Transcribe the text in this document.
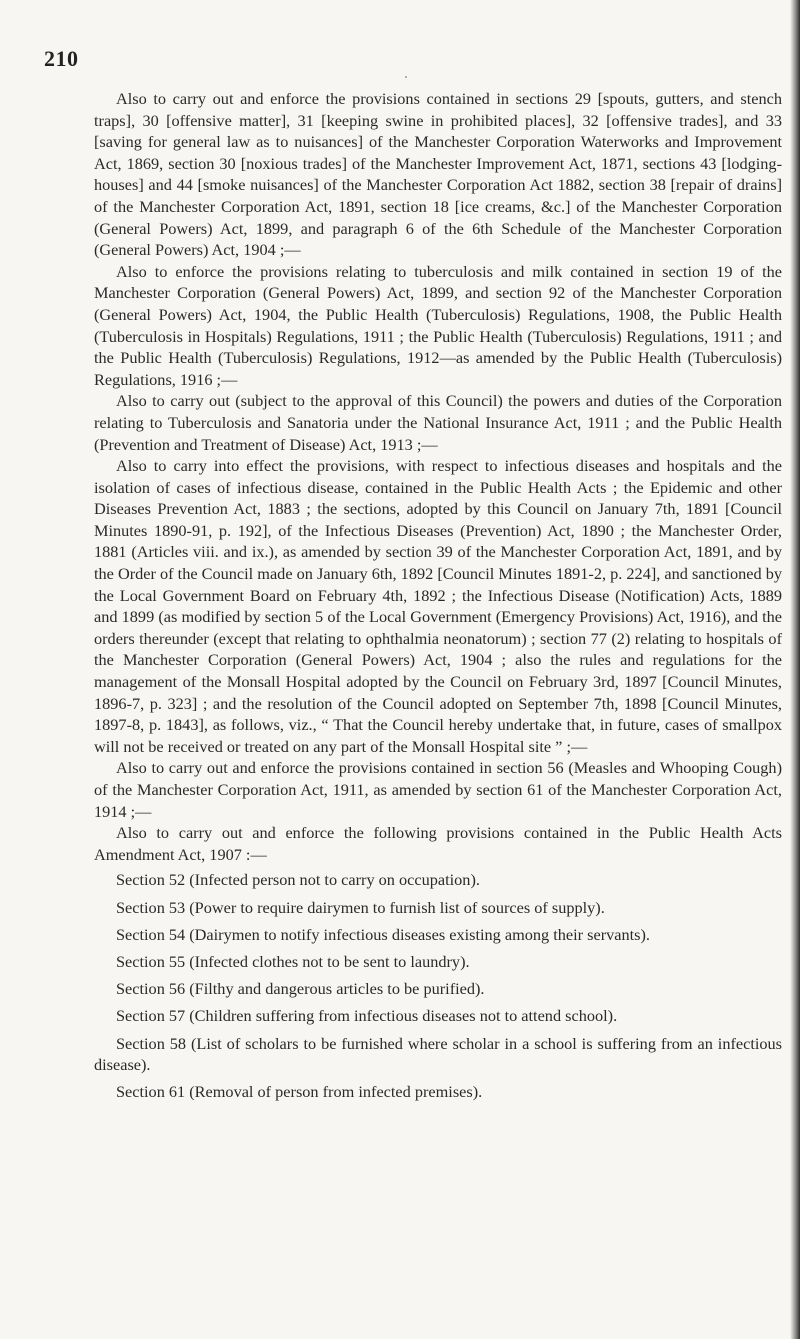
210

Also to carry out and enforce the provisions contained in sections 29 [spouts, gutters, and stench traps], 30 [offensive matter], 31 [keeping swine in prohibited places], 32 [offensive trades], and 33 [saving for general law as to nuisances] of the Manchester Corporation Waterworks and Improvement Act, 1869, section 30 [noxious trades] of the Manchester Improvement Act, 1871, sections 43 [lodging-houses] and 44 [smoke nuisances] of the Manchester Corporation Act 1882, section 38 [repair of drains] of the Manchester Corporation Act, 1891, section 18 [ice creams, &c.] of the Manchester Corporation (General Powers) Act, 1899, and paragraph 6 of the 6th Schedule of the Manchester Corporation (General Powers) Act, 1904 ;—

Also to enforce the provisions relating to tuberculosis and milk contained in section 19 of the Manchester Corporation (General Powers) Act, 1899, and section 92 of the Manchester Corporation (General Powers) Act, 1904, the Public Health (Tuberculosis) Regulations, 1908, the Public Health (Tuberculosis in Hospitals) Regulations, 1911 ; the Public Health (Tuberculosis) Regulations, 1911 ; and the Public Health (Tuberculosis) Regulations, 1912—as amended by the Public Health (Tuberculosis) Regulations, 1916 ;—

Also to carry out (subject to the approval of this Council) the powers and duties of the Corporation relating to Tuberculosis and Sanatoria under the National Insurance Act, 1911 ; and the Public Health (Prevention and Treatment of Disease) Act, 1913 ;—

Also to carry into effect the provisions, with respect to infectious diseases and hospitals and the isolation of cases of infectious disease, contained in the Public Health Acts ; the Epidemic and other Diseases Prevention Act, 1883 ; the sections, adopted by this Council on January 7th, 1891 [Council Minutes 1890-91, p. 192], of the Infectious Diseases (Prevention) Act, 1890 ; the Manchester Order, 1881 (Articles viii. and ix.), as amended by section 39 of the Manchester Corporation Act, 1891, and by the Order of the Council made on January 6th, 1892 [Council Minutes 1891-2, p. 224], and sanctioned by the Local Government Board on February 4th, 1892 ; the Infectious Disease (Notification) Acts, 1889 and 1899 (as modified by section 5 of the Local Government (Emergency Provisions) Act, 1916), and the orders thereunder (except that relating to ophthalmia neonatorum) ; section 77 (2) relating to hospitals of the Manchester Corporation (General Powers) Act, 1904 ; also the rules and regulations for the management of the Monsall Hospital adopted by the Council on February 3rd, 1897 [Council Minutes, 1896-7, p. 323] ; and the resolution of the Council adopted on September 7th, 1898 [Council Minutes, 1897-8, p. 1843], as follows, viz., “ That the Council hereby undertake that, in future, cases of smallpox will not be received or treated on any part of the Monsall Hospital site ” ;—

Also to carry out and enforce the provisions contained in section 56 (Measles and Whooping Cough) of the Manchester Corporation Act, 1911, as amended by section 61 of the Manchester Corporation Act, 1914 ;—

Also to carry out and enforce the following provisions contained in the Public Health Acts Amendment Act, 1907 :—

Section 52 (Infected person not to carry on occupation).

Section 53 (Power to require dairymen to furnish list of sources of supply).

Section 54 (Dairymen to notify infectious diseases existing among their servants).

Section 55 (Infected clothes not to be sent to laundry).

Section 56 (Filthy and dangerous articles to be purified).

Section 57 (Children suffering from infectious diseases not to attend school).

Section 58 (List of scholars to be furnished where scholar in a school is suffering from an infectious disease).

Section 61 (Removal of person from infected premises).
